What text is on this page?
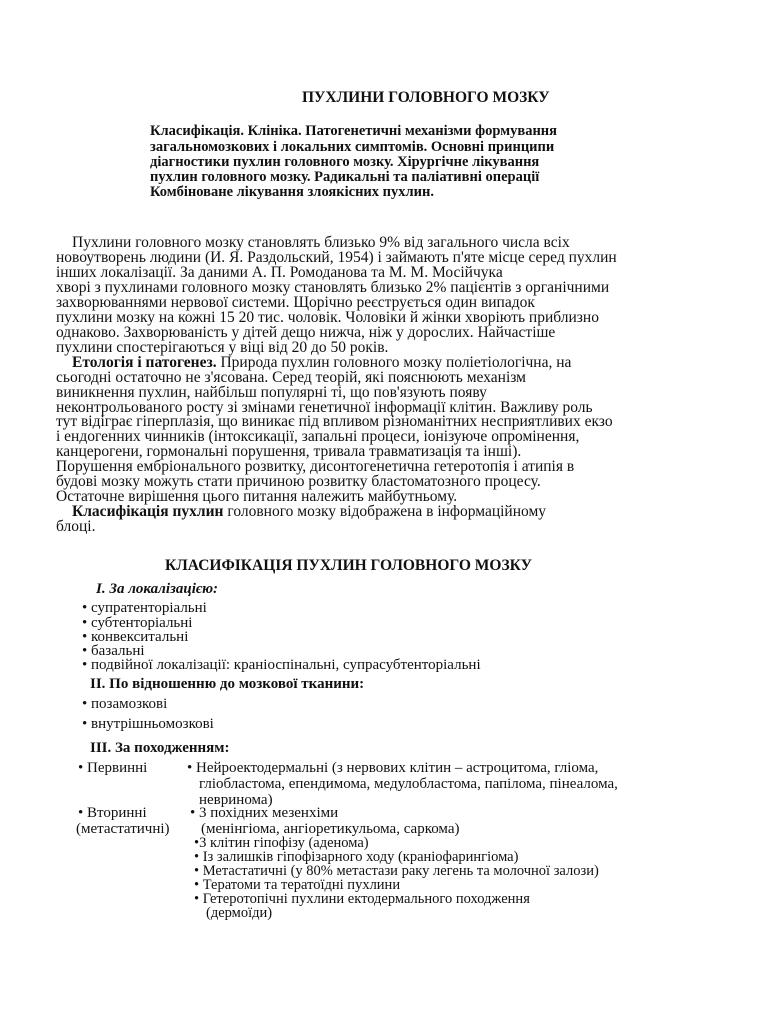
ПУХЛИНИ ГОЛОВНОГО МОЗКУ
Класифікація. Клініка. Патогенетичні механізми формування
загальномозкових і локальних симптомів. Основні принципи
діагностики пухлин головного мозку. Хірургічне лікування
пухлин головного мозку. Радикальні та паліативні операції
Комбіноване лікування злоякісних пухлин.
Пухлини головного мозку становлять близько 9% від загального числа всіх
новоутворень людини (И. Я. Раздольский, 1954) і займають п'яте місце серед пухлин
інших локалізації. За даними А. П. Ромоданова та М. М. Мосійчука
хворі з пухлинами головного мозку становлять близько 2% пацієнтів з органічними
захворюваннями нервової системи. Щорічно реєструється один випадок
пухлини мозку на кожні 15 20 тис. чоловік. Чоловіки й жінки хворіють приблизно
однаково. Захворюваність у дітей дещо нижча, ніж у дорослих. Найчастіше
пухлини спостерігаються у віці від 20 до 50 років.
Етологія і патогенез. Природа пухлин головного мозку поліетіологічна, на
сьогодні остаточно не з'ясована. Серед теорій, які пояснюють механізм
виникнення пухлин, найбільш популярні ті, що пов'язують появу
неконтрольованого росту зі змінами генетичної інформації клітин. Важливу роль
тут відіграє гіперплазія, що виникає під впливом різноманітних несприятливих екзо
і ендогенних чинників (інтоксикації, запальні процеси, іонізуюче опромінення,
канцерогени, гормональні порушення, тривала травматизація та інші).
Порушення ембріонального розвитку, дисонтогенетична гетеротопія і атипія в
будові мозку можуть стати причиною розвитку бластоматозного процесу.
Остаточне вирішення цього питання належить майбутньому.
Класифікація пухлин головного мозку відображена в інформаційному
блоці.
КЛАСИФІКАЦІЯ ПУХЛИН ГОЛОВНОГО МОЗКУ
І. За локалізацією:
• супратенторіальні
• субтенторіальні
• конвекситальні
• базальні
• подвійної локалізації: краніоспінальні, супрасубтенторіальні
ІІ. По відношенню до мозкової тканини:
• позамозкові
• внутрішньомозкові
ІІІ. За походженням:
• Первинні	• Нейроектодермальні (з нервових клітин – астроцитома, гліома,
гліобластома, епендимома, медулобластома, папілома, пінеалома,
невринома)
• Вторинні
(метастатичні)
• 3 похідних мезенхіми
(менінгіома, ангіоретикульома, саркома)
•3 клітин гіпофізу (аденома)
• Із залишків гіпофізарного ходу (краніофарингіома)
• Метастатичні (у 80% метастази раку легень та молочної залози)
• Тератоми та тератоїдні пухлини
• Гетеротопічні пухлини ектодермального походження
(дермоїди)
